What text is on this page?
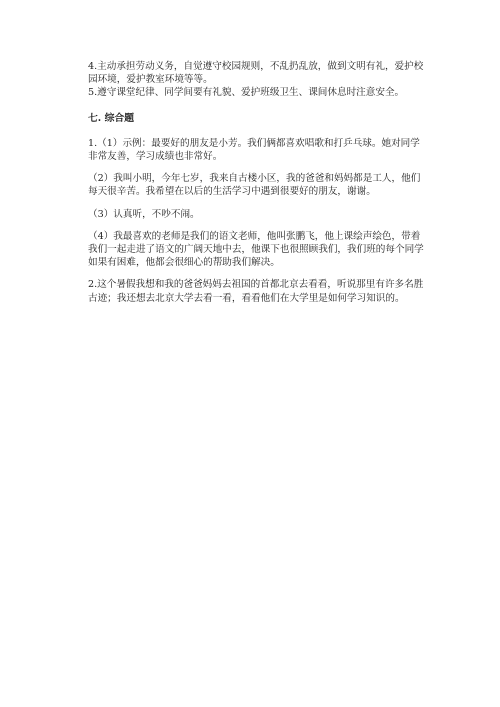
4.主动承担劳动义务，自觉遵守校园规则，不乱扔乱放，做到文明有礼，爱护校园环境，爱护教室环境等等。

5.遵守课堂纪律、同学间要有礼貌、爱护班级卫生、课间休息时注意安全。

七. 综合题

1.（1）示例：最要好的朋友是小芳。我们俩都喜欢唱歌和打乒乓球。她对同学非常友善，学习成绩也非常好。

（2）我叫小明，今年七岁，我来自古楼小区，我的爸爸和妈妈都是工人，他们每天很辛苦。我希望在以后的生活学习中遇到很要好的朋友，谢谢。

（3）认真听，不吵不闹。

（4）我最喜欢的老师是我们的语文老师，他叫张鹏飞，他上课绘声绘色，带着我们一起走进了语文的广阔天地中去，他课下也很照顾我们，我们班的每个同学如果有困难，他都会很细心的帮助我们解决。

2.这个暑假我想和我的爸爸妈妈去祖国的首都北京去看看，听说那里有许多名胜古迹；我还想去北京大学去看一看，看看他们在大学里是如何学习知识的。
